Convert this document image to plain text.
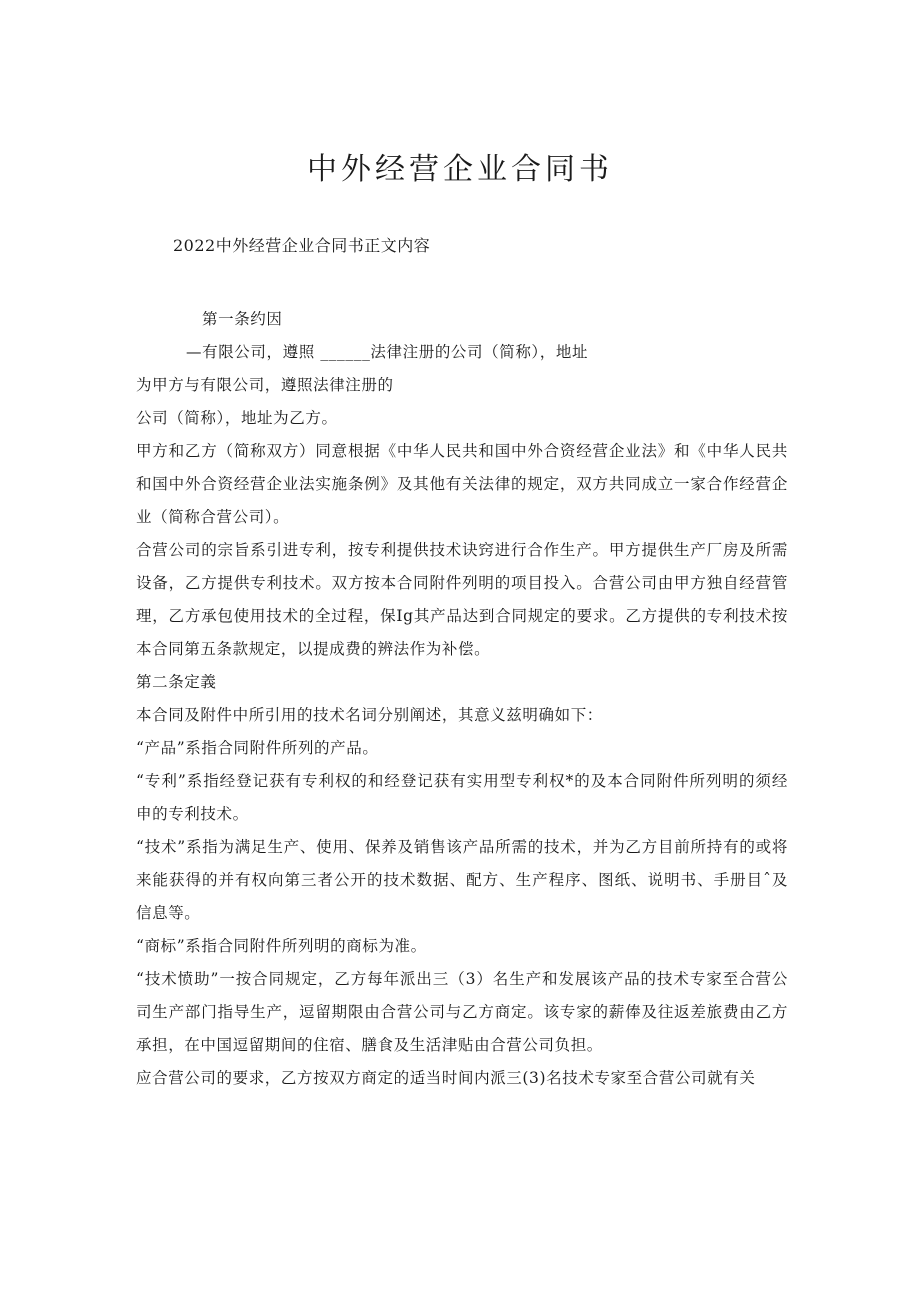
中外经营企业合同书
2022中外经营企业合同书正文内容

第一条约因

—有限公司，遵照 ______法律注册的公司（简称），地址

为甲方与有限公司，遵照法律注册的

公司（简称），地址为乙方。

甲方和乙方（简称双方）同意根据《中华人民共和国中外合资经营企业法》和《中华人民共和国中外合资经营企业法实施条例》及其他有关法律的规定，双方共同成立一家合作经营企业（简称合营公司）。

合营公司的宗旨系引进专利，按专利提供技术诀窍进行合作生产。甲方提供生产厂房及所需设备，乙方提供专利技术。双方按本合同附件列明的项目投入。合营公司由甲方独自经营管理，乙方承包使用技术的全过程，保Ig其产品达到合同规定的要求。乙方提供的专利技术按本合同第五条款规定，以提成费的辨法作为补偿。

第二条定義

本合同及附件中所引用的技术名词分别阐述，其意义兹明确如下：

“产品”系指合同附件所列的产品。

“专利”系指经登记获有专利权的和经登记获有实用型专利权*的及本合同附件所列明的须经申的专利技术。

“技术”系指为满足生产、使用、保养及销售该产品所需的技术，并为乙方目前所持有的或将来能获得的并有权向第三者公开的技术数据、配方、生产程序、图纸、说明书、手册目ˆ及信息等。

“商标”系指合同附件所列明的商标为准。

“技术愤助”一按合同规定，乙方每年派出三（3）名生产和发展该产品的技术专家至合营公司生产部门指导生产，逗留期限由合营公司与乙方商定。该专家的薪俸及往返差旅费由乙方承担，在中国逗留期间的住宿、膳食及生活津贴由合营公司负担。

应合营公司的要求，乙方按双方商定的适当时间内派三(3)名技术专家至合营公司就有关
